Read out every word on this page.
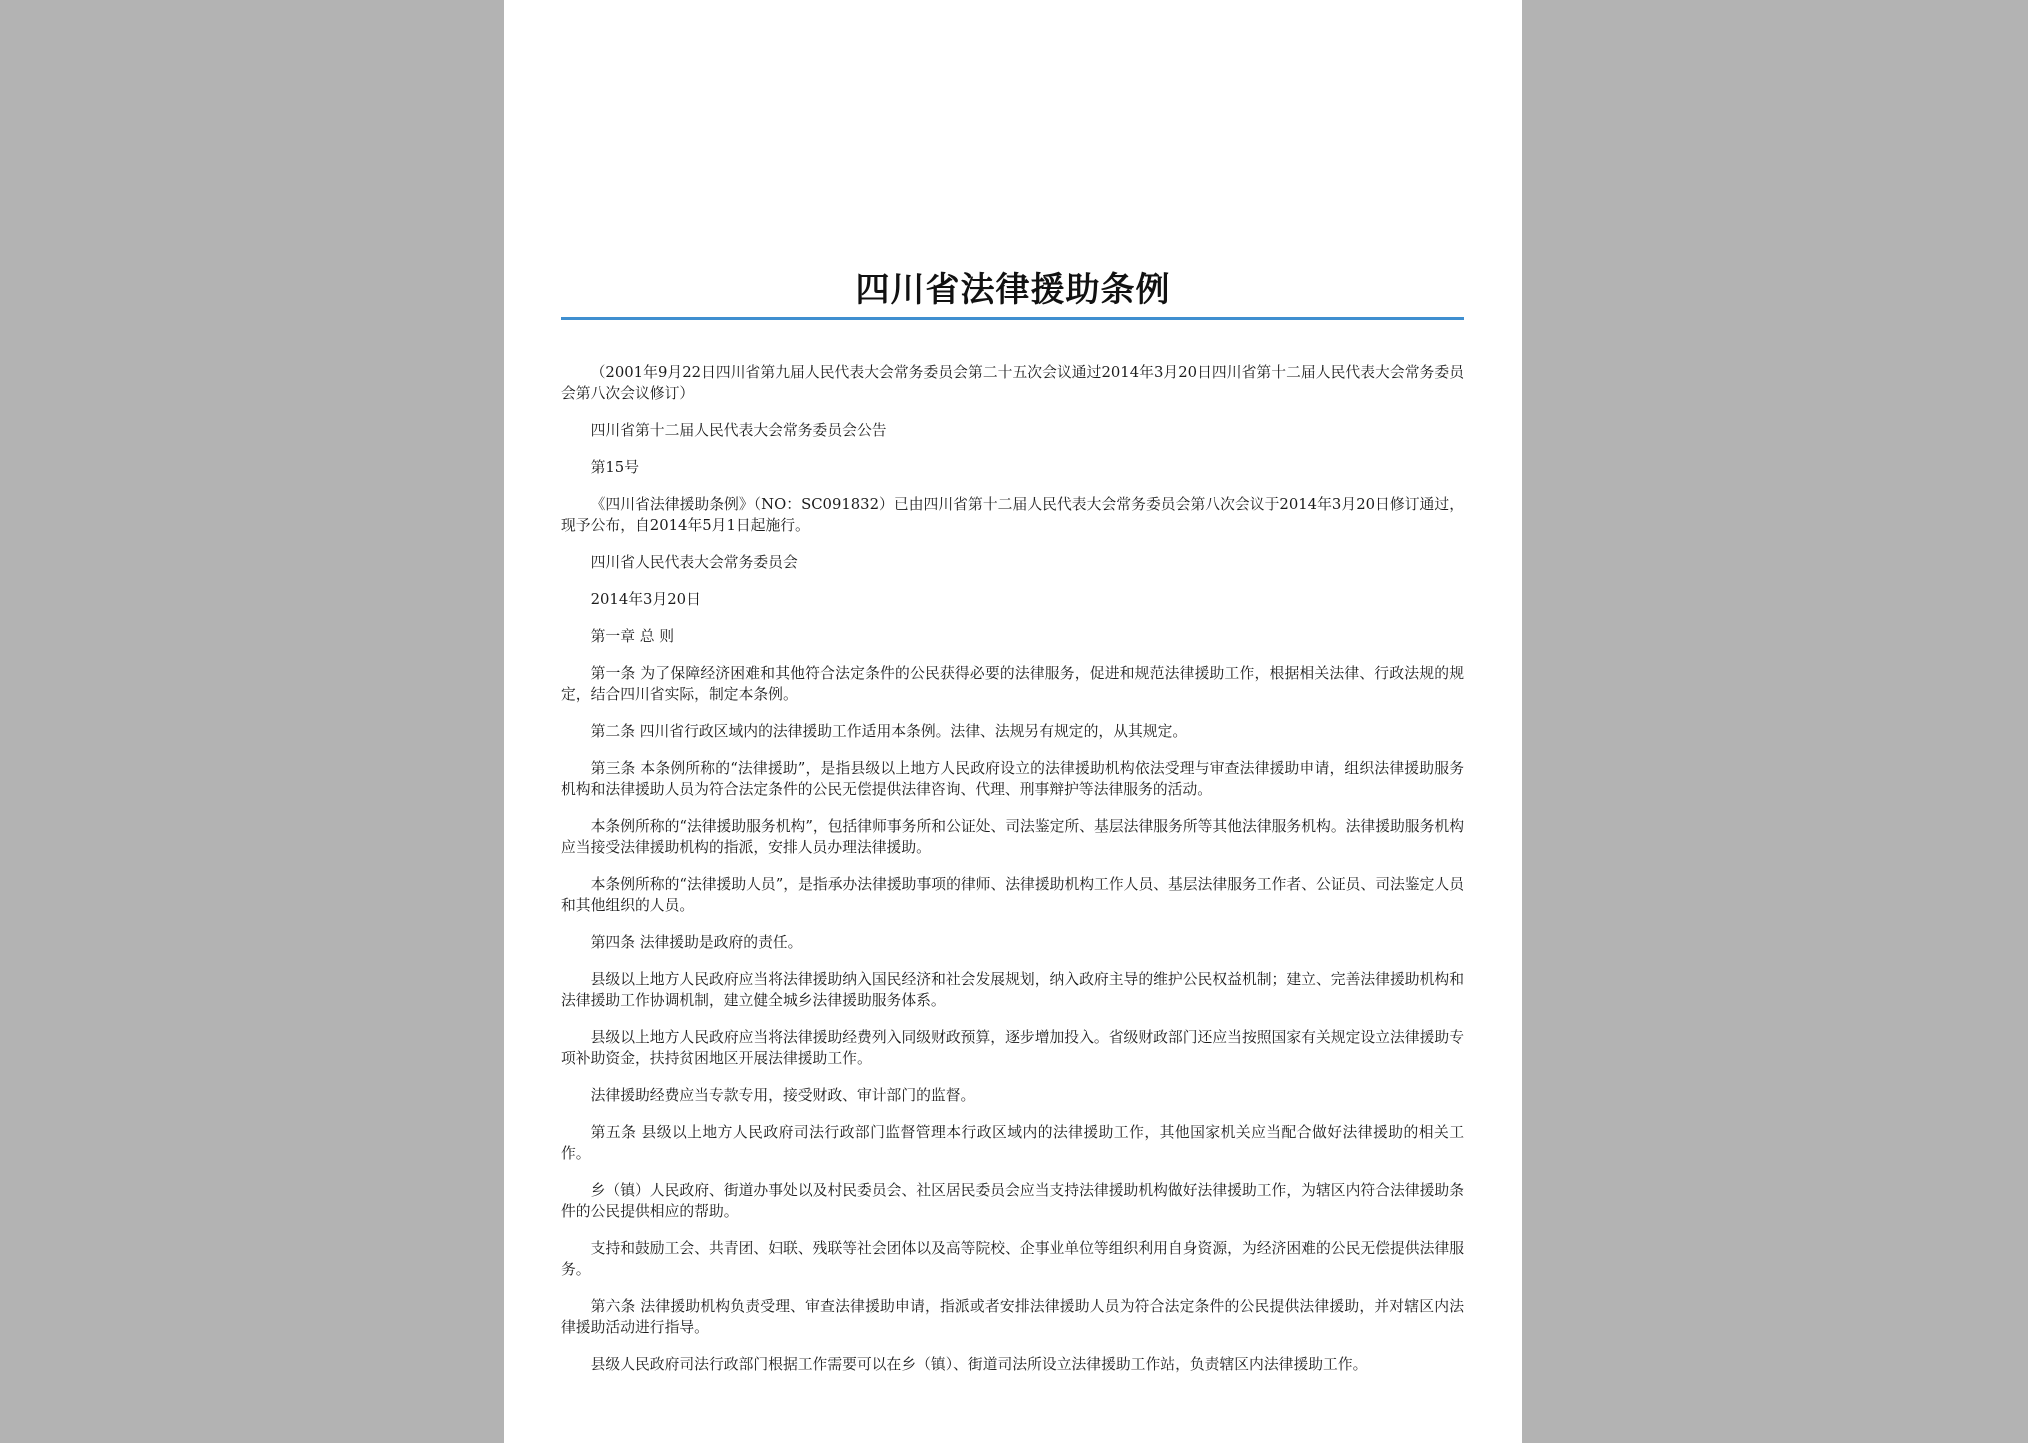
四川省法律援助条例

（2001年9月22日四川省第九届人民代表大会常务委员会第二十五次会议通过2014年3月20日四川省第十二届人民代表大会常务委员会第八次会议修订）

四川省第十二届人民代表大会常务委员会公告

第15号

《四川省法律援助条例》（NO：SC091832）已由四川省第十二届人民代表大会常务委员会第八次会议于2014年3月20日修订通过，现予公布，自2014年5月1日起施行。

四川省人民代表大会常务委员会

2014年3月20日

第一章 总 则

第一条 为了保障经济困难和其他符合法定条件的公民获得必要的法律服务，促进和规范法律援助工作，根据相关法律、行政法规的规定，结合四川省实际，制定本条例。

第二条 四川省行政区域内的法律援助工作适用本条例。法律、法规另有规定的，从其规定。

第三条 本条例所称的“法律援助”，是指县级以上地方人民政府设立的法律援助机构依法受理与审查法律援助申请，组织法律援助服务机构和法律援助人员为符合法定条件的公民无偿提供法律咨询、代理、刑事辩护等法律服务的活动。

本条例所称的“法律援助服务机构”，包括律师事务所和公证处、司法鉴定所、基层法律服务所等其他法律服务机构。法律援助服务机构应当接受法律援助机构的指派，安排人员办理法律援助。

本条例所称的“法律援助人员”，是指承办法律援助事项的律师、法律援助机构工作人员、基层法律服务工作者、公证员、司法鉴定人员和其他组织的人员。

第四条 法律援助是政府的责任。

县级以上地方人民政府应当将法律援助纳入国民经济和社会发展规划，纳入政府主导的维护公民权益机制；建立、完善法律援助机构和法律援助工作协调机制，建立健全城乡法律援助服务体系。

县级以上地方人民政府应当将法律援助经费列入同级财政预算，逐步增加投入。省级财政部门还应当按照国家有关规定设立法律援助专项补助资金，扶持贫困地区开展法律援助工作。

法律援助经费应当专款专用，接受财政、审计部门的监督。

第五条 县级以上地方人民政府司法行政部门监督管理本行政区域内的法律援助工作，其他国家机关应当配合做好法律援助的相关工作。

乡（镇）人民政府、街道办事处以及村民委员会、社区居民委员会应当支持法律援助机构做好法律援助工作，为辖区内符合法律援助条件的公民提供相应的帮助。

支持和鼓励工会、共青团、妇联、残联等社会团体以及高等院校、企事业单位等组织利用自身资源，为经济困难的公民无偿提供法律服务。

第六条 法律援助机构负责受理、审查法律援助申请，指派或者安排法律援助人员为符合法定条件的公民提供法律援助，并对辖区内法律援助活动进行指导。

县级人民政府司法行政部门根据工作需要可以在乡（镇）、街道司法所设立法律援助工作站，负责辖区内法律援助工作。
